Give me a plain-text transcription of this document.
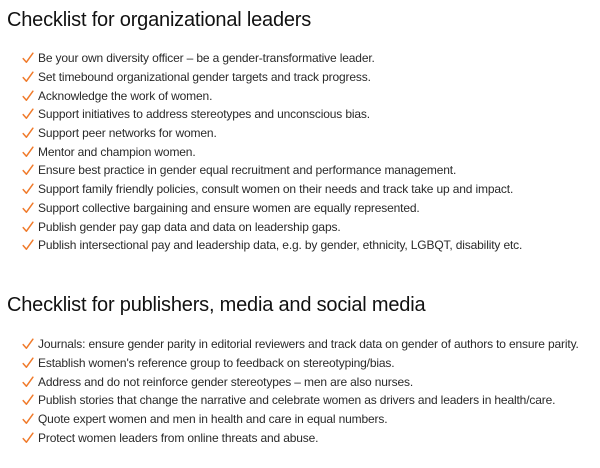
Checklist for organizational leaders
Be your own diversity officer – be a gender-transformative leader.
Set timebound organizational gender targets and track progress.
Acknowledge the work of women.
Support initiatives to address stereotypes and unconscious bias.
Support peer networks for women.
Mentor and champion women.
Ensure best practice in gender equal recruitment and performance management.
Support family friendly policies, consult women on their needs and track take up and impact.
Support collective bargaining and ensure women are equally represented.
Publish gender pay gap data and data on leadership gaps.
Publish intersectional pay and leadership data, e.g. by gender, ethnicity, LGBQT, disability etc.
Checklist for publishers, media and social media
Journals: ensure gender parity in editorial reviewers and track data on gender of authors to ensure parity.
Establish women's reference group to feedback on stereotyping/bias.
Address and do not reinforce gender stereotypes – men are also nurses.
Publish stories that change the narrative and celebrate women as drivers and leaders in health/care.
Quote expert women and men in health and care in equal numbers.
Protect women leaders from online threats and abuse.
